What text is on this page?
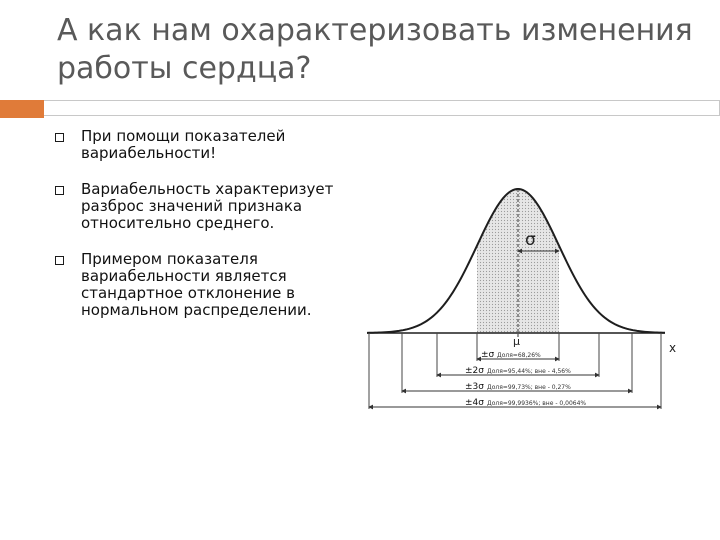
А как нам охарактеризовать изменения работы сердца?
При помощи показателей вариабельности!
Вариабельность характеризует разброс значений признака относительно среднего.
Примером показателя вариабельности является стандартное отклонение в нормальном распределении.
σ
μ	x
±σ Доля=68,26%
±2σ Доля=95,44%; вне - 4,56%
±3σ Доля=99,73%; вне - 0,27%
±4σ Доля=99,9936%; вне - 0,0064%
